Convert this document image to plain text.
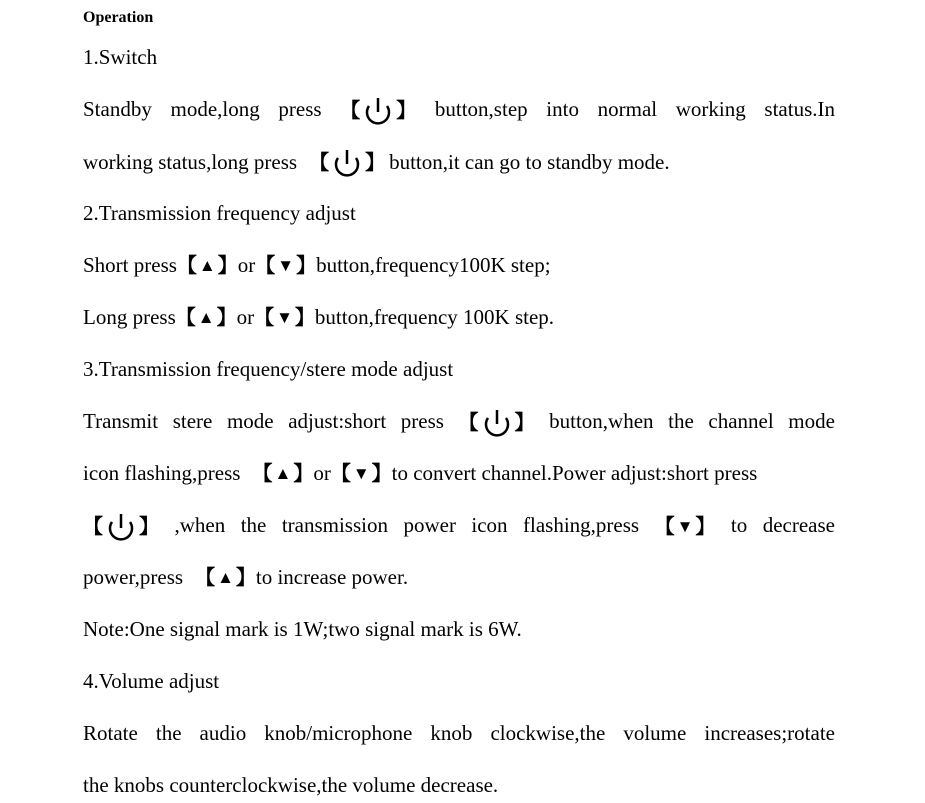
Operation
1.Switch
Standby mode,long press 【 】 button,step into normal working status.In
working status,long press 【 】 button,it can go to standby mode.
2.Transmission frequency adjust
Short press 【 ▲ 】 or 【 ▼ 】 button,frequency100K step;
Long press 【 ▲ 】 or 【 ▼ 】 button,frequency 100K step.
3.Transmission frequency/stere mode adjust
Transmit stere mode adjust:short press 【 】 button,when the channel mode
icon flashing,press 【 ▲ 】 or 【 ▼ 】 to convert channel.Power adjust:short press
【 】 ,when the transmission power icon flashing,press 【 ▼ 】 to decrease
power,press 【 ▲ 】 to increase power.
Note:One signal mark is 1W;two signal mark is 6W.
4.Volume adjust
Rotate the audio knob/microphone knob clockwise,the volume increases;rotate
the knobs counterclockwise,the volume decrease.
